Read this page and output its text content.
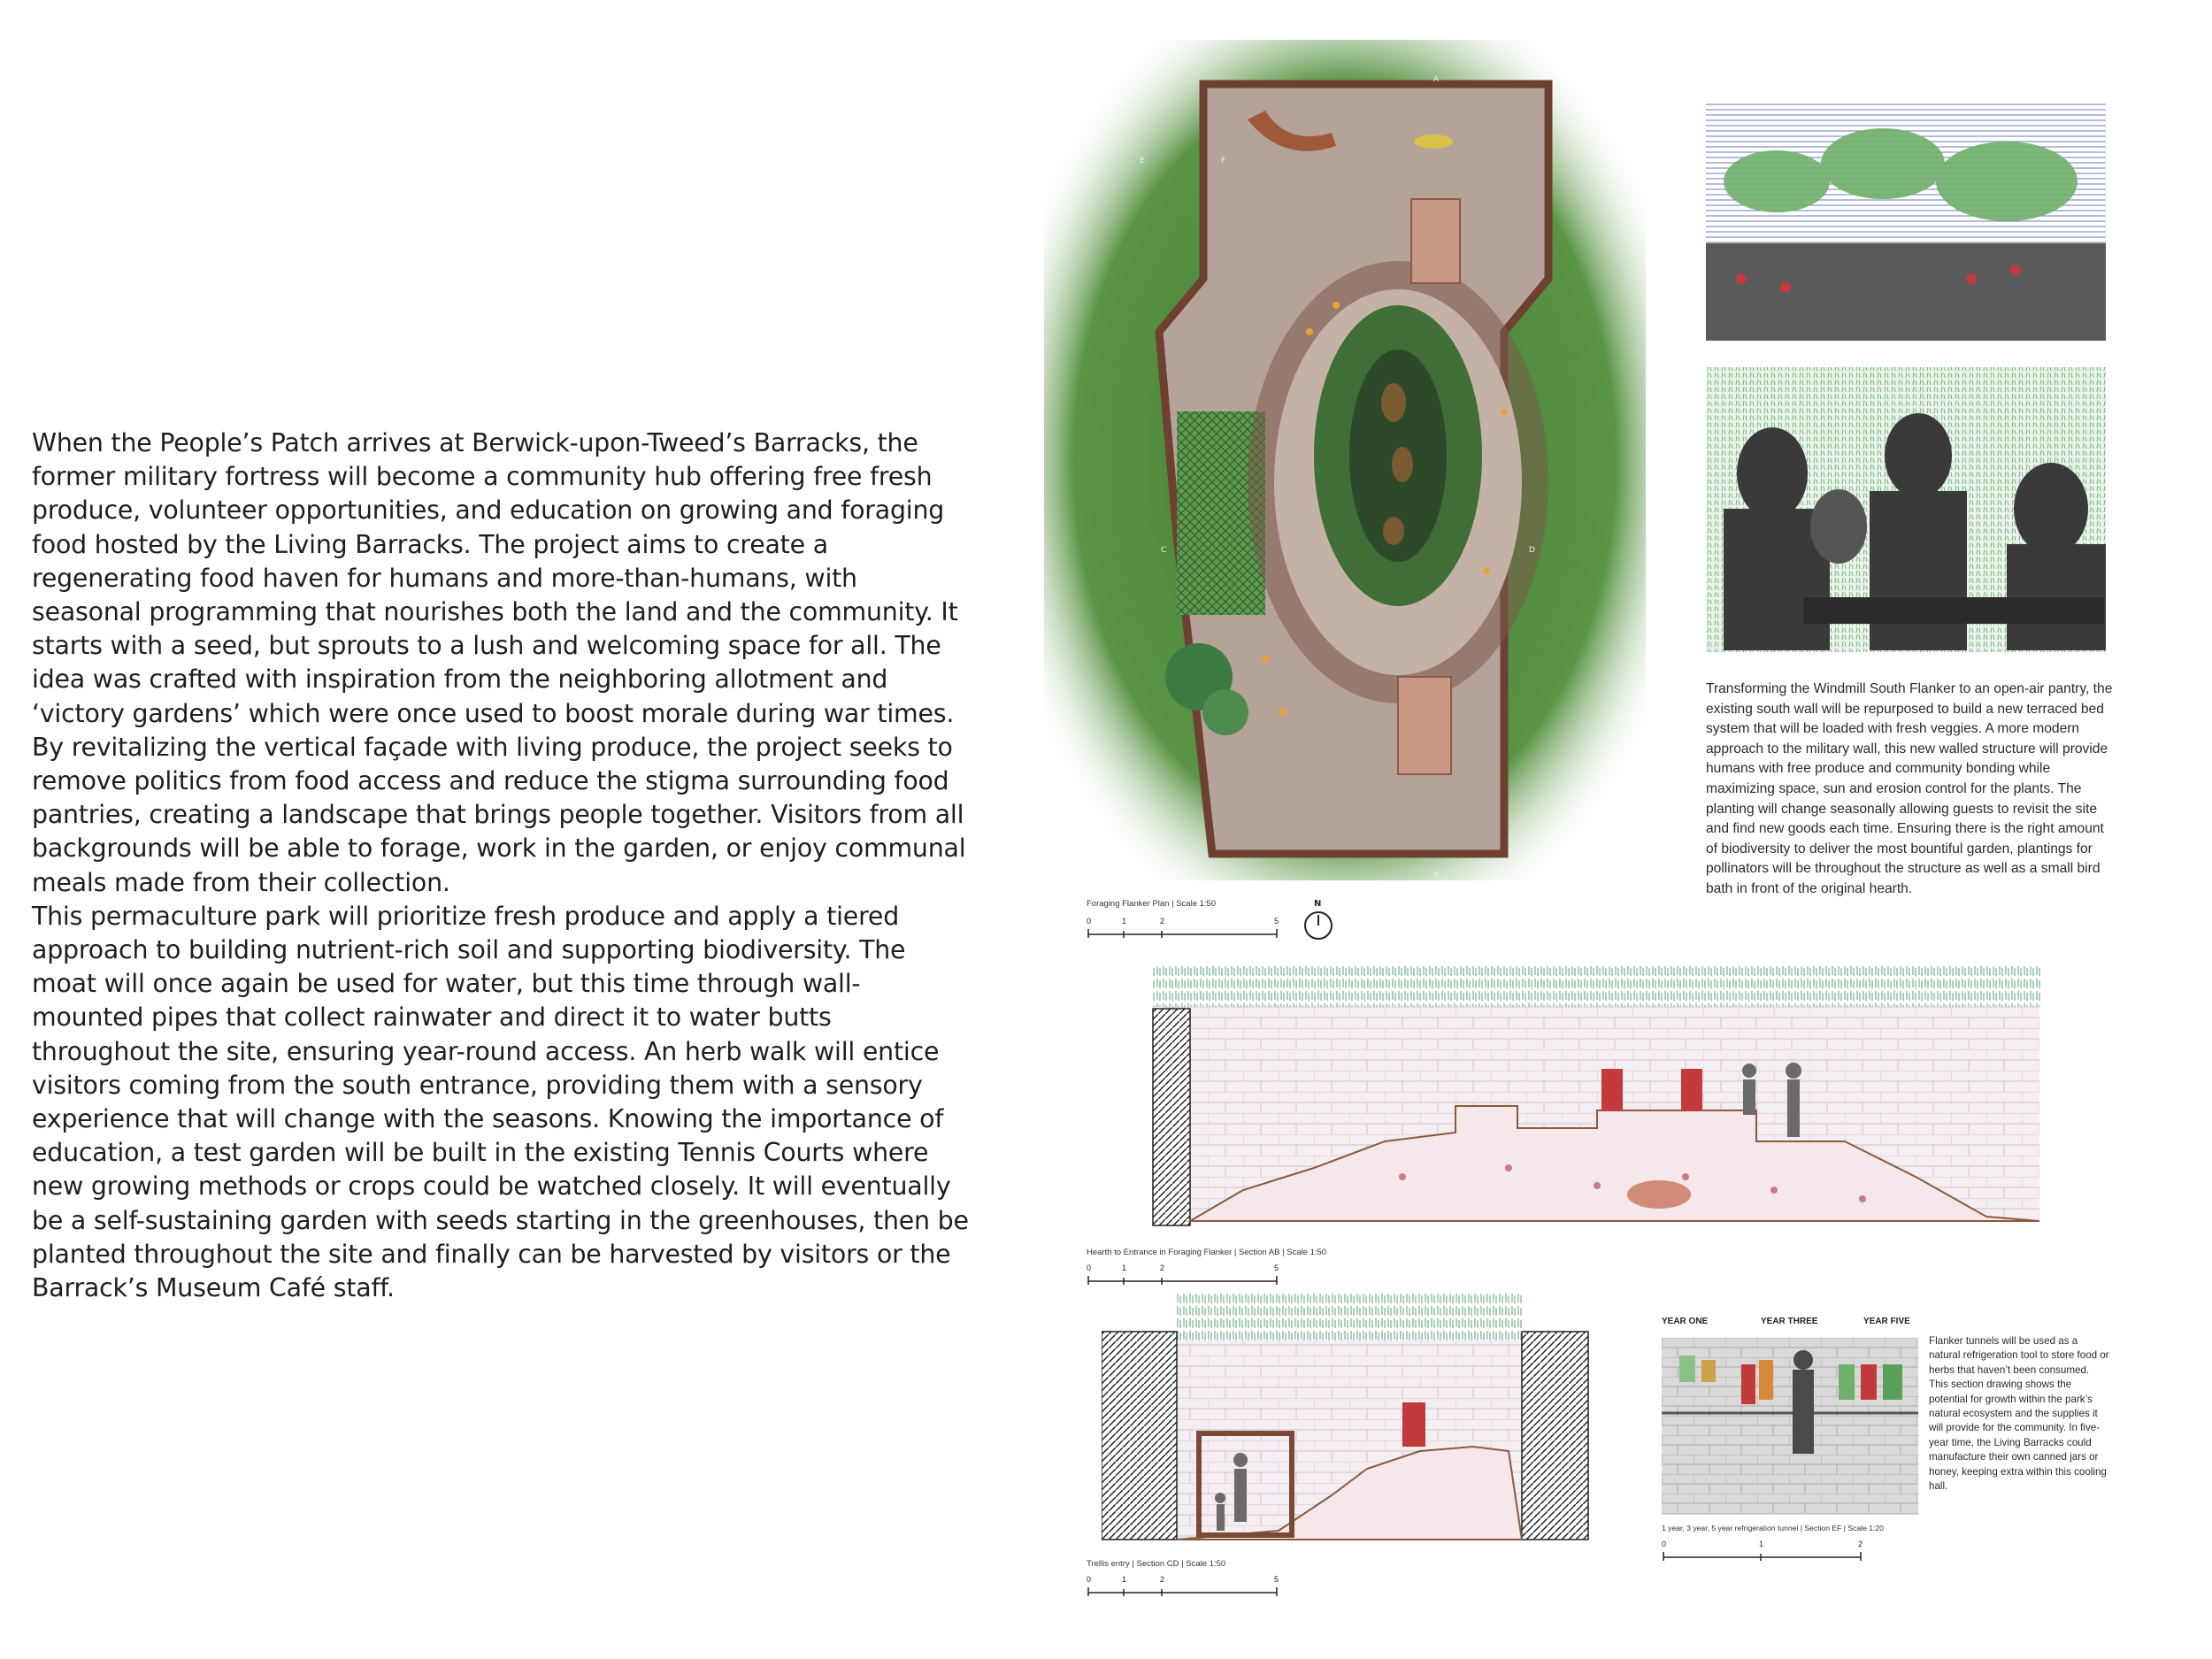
When the People’s Patch arrives at Berwick-upon-Tweed’s Barracks, the former military fortress will become a community hub offering free fresh produce, volunteer opportunities, and education on growing and foraging food hosted by the Living Barracks. The project aims to create a regenerating food haven for humans and more-than-humans, with seasonal programming that nourishes both the land and the community. It starts with a seed, but sprouts to a lush and welcoming space for all. The idea was crafted with inspiration from the neighboring allotment and ‘victory gardens’ which were once used to boost morale during war times.

By revitalizing the vertical façade with living produce, the project seeks to remove politics from food access and reduce the stigma surrounding food pantries, creating a landscape that brings people together. Visitors from all backgrounds will be able to forage, work in the garden, or enjoy communal meals made from their collection.

This permaculture park will prioritize fresh produce and apply a tiered approach to building nutrient-rich soil and supporting biodiversity. The moat will once again be used for water, but this time through wall-mounted pipes that collect rainwater and direct it to water butts throughout the site, ensuring year-round access. An herb walk will entice visitors coming from the south entrance, providing them with a sensory experience that will change with the seasons. Knowing the importance of education, a test garden will be built in the existing Tennis Courts where new growing methods or crops could be watched closely. It will eventually be a self-sustaining garden with seeds starting in the greenhouses, then be planted throughout the site and finally can be harvested by visitors or the Barrack’s Museum Café staff.

A
B
C	D
E	F
Foraging Flanker Plan | Scale 1:50
0	1	2	5
N
Transforming the Windmill South Flanker to an open-air pantry, the existing south wall will be repurposed to build a new terraced bed system that will be loaded with fresh veggies. A more modern approach to the military wall, this new walled structure will provide humans with free produce and community bonding while maximizing space, sun and erosion control for the plants. The planting will change seasonally allowing guests to revisit the site and find new goods each time. Ensuring there is the right amount of biodiversity to deliver the most bountiful garden, plantings for pollinators will be throughout the structure as well as a small bird bath in front of the original hearth.
Hearth to Entrance in Foraging Flanker | Section AB | Scale 1:50
0	1	2	5
Trellis entry | Section CD | Scale 1:50
0	1	2	5
YEAR ONE	YEAR THREE	YEAR FIVE
1 year, 3 year, 5 year refrigeration tunnel | Section EF | Scale 1:20
0	1	2
Flanker tunnels will be used as a natural refrigeration tool to store food or herbs that haven’t been consumed. This section drawing shows the potential for growth within the park’s natural ecosystem and the supplies it will provide for the community. In five-year time, the Living Barracks could manufacture their own canned jars or honey, keeping extra within this cooling hall.
